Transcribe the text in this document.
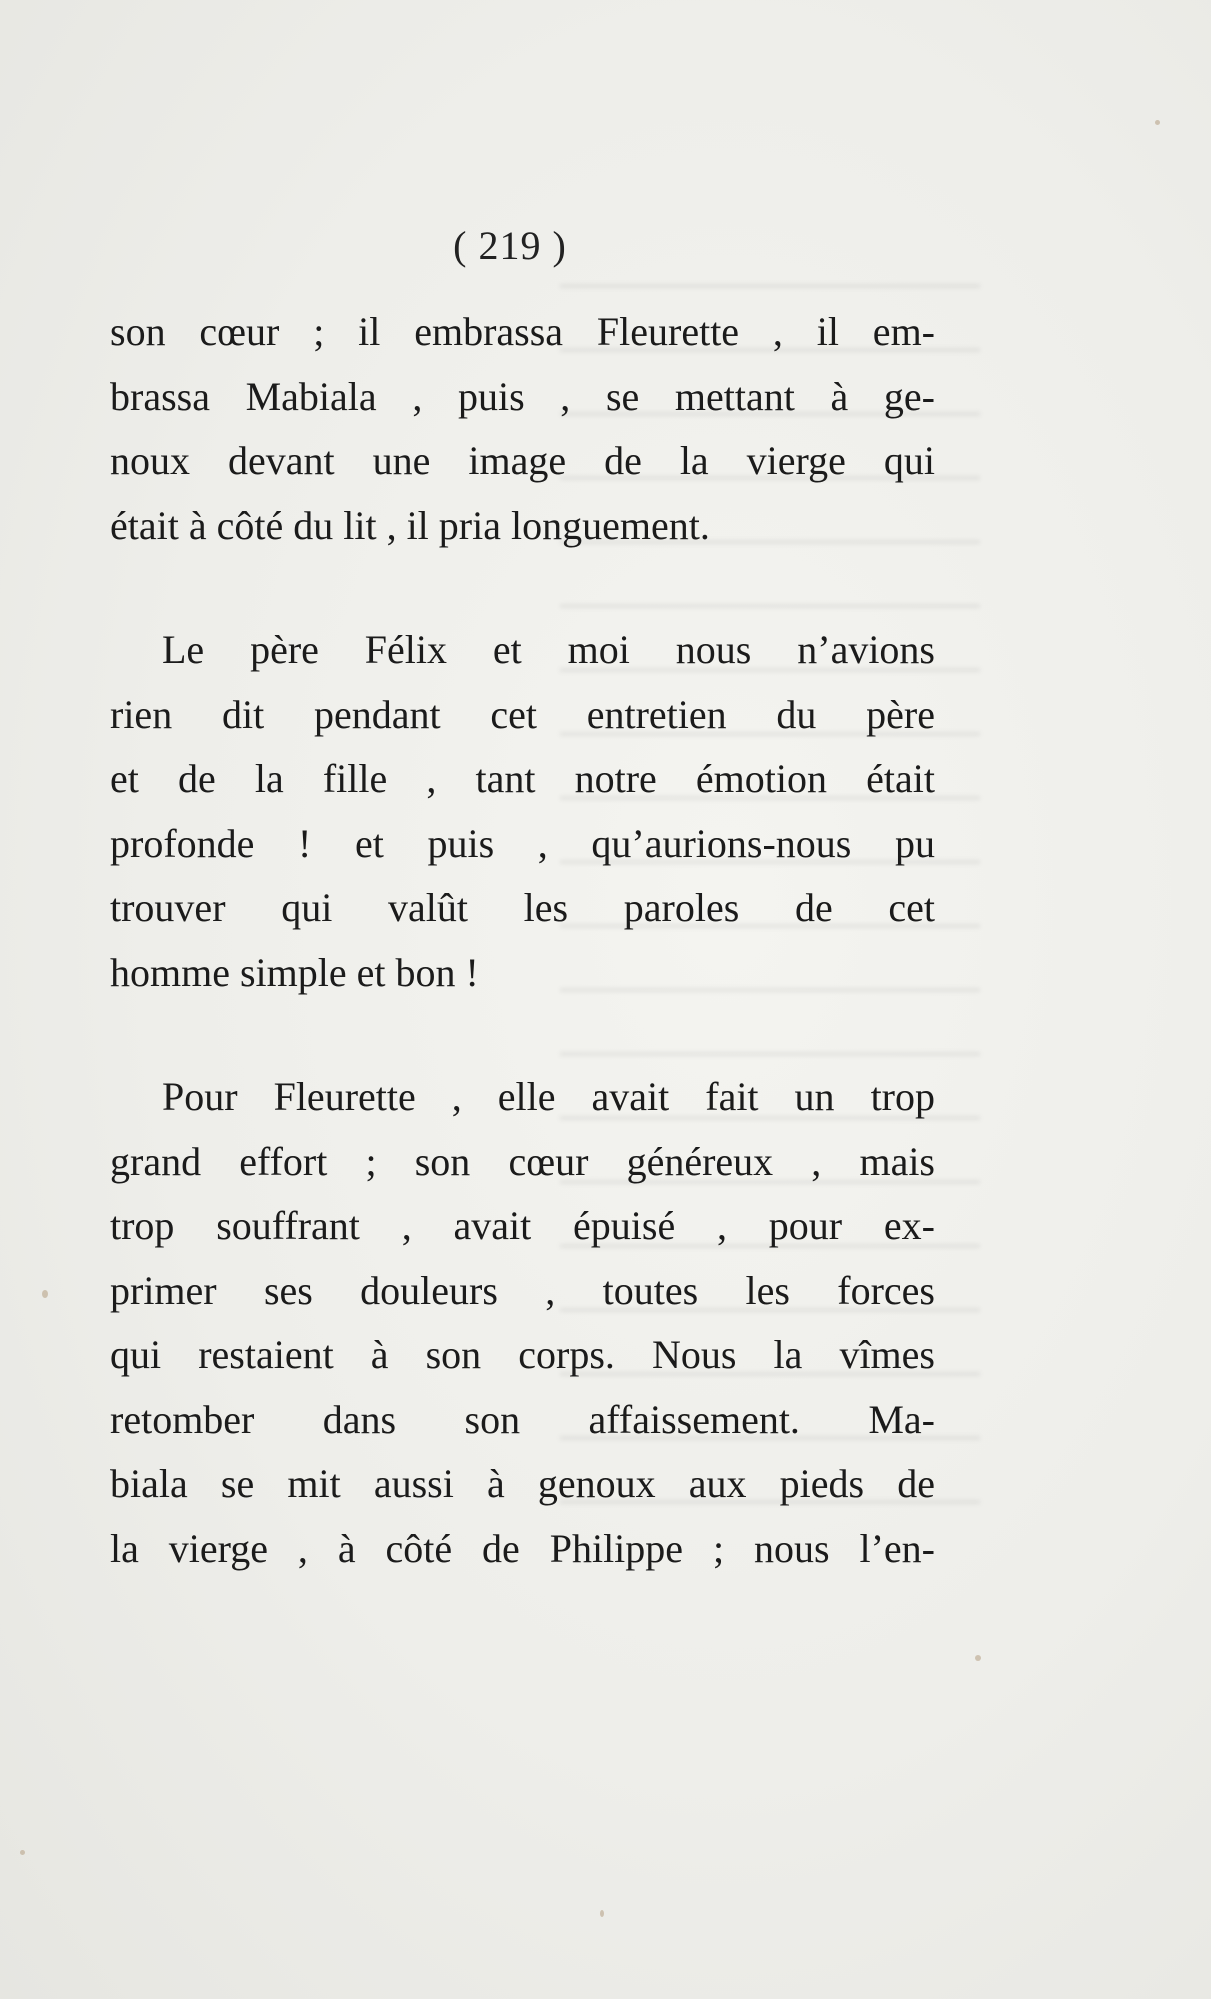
( 219 )
son cœur ; il embrassa Fleurette , il em-
brassa Mabiala , puis , se mettant à ge-
noux devant une image de la vierge qui
était à côté du lit , il pria longuement.
Le père Félix et moi nous n’avions
rien dit pendant cet entretien du père
et de la fille , tant notre émotion était
profonde ! et puis , qu’aurions-nous pu
trouver qui valût les paroles de cet
homme simple et bon !
Pour Fleurette , elle avait fait un trop
grand effort ; son cœur généreux , mais
trop souffrant , avait épuisé , pour ex-
primer ses douleurs , toutes les forces
qui restaient à son corps. Nous la vîmes
retomber dans son affaissement. Ma-
biala se mit aussi à genoux aux pieds de
la vierge , à côté de Philippe ; nous l’en-
